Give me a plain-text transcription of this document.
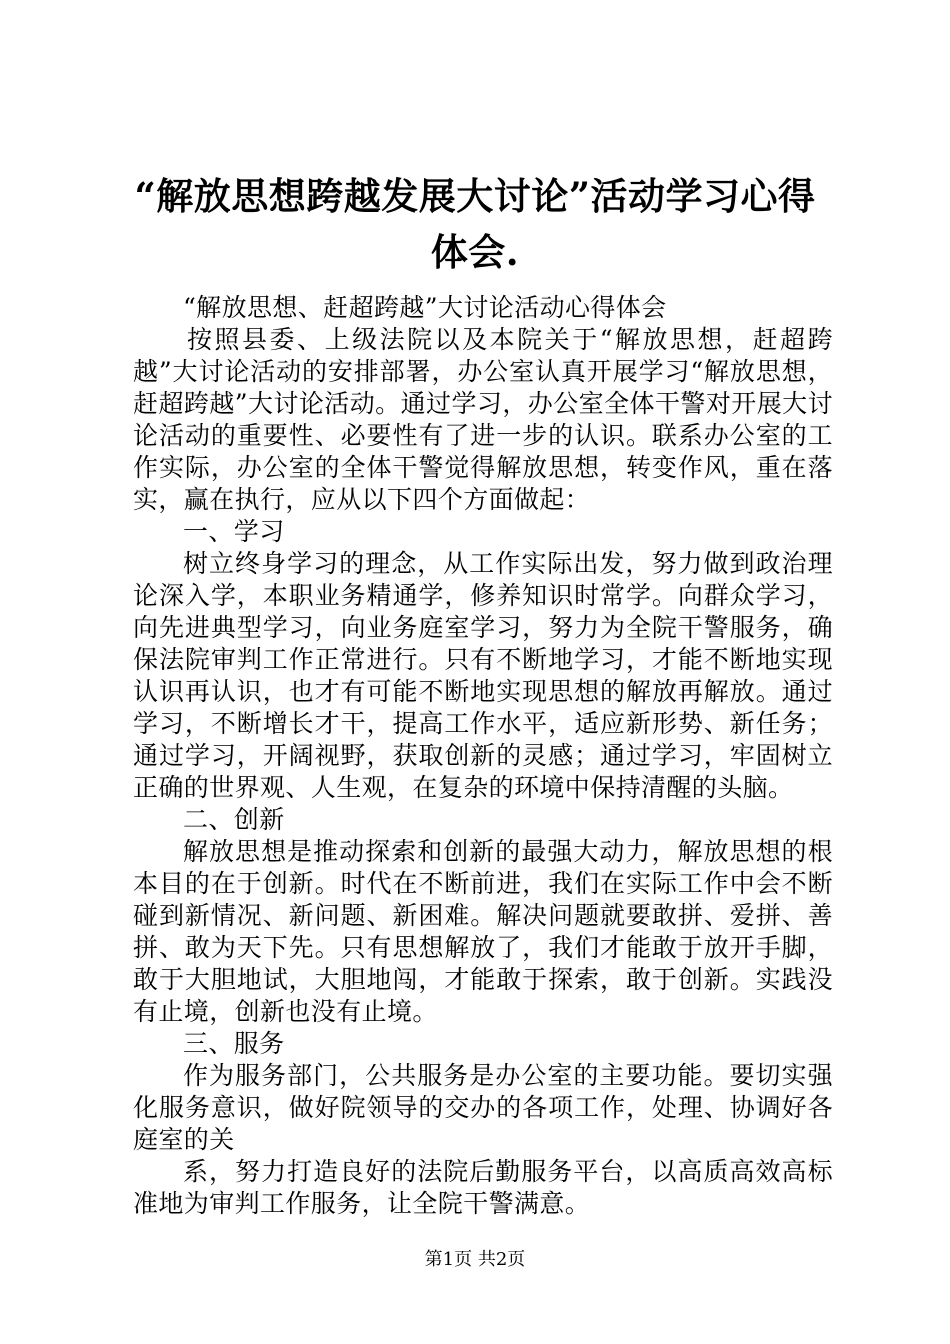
“解放思想跨越发展大讨论”活动学习心得体会.

“解放思想、赶超跨越”大讨论活动心得体会

按照县委、上级法院以及本院关于“解放思想，赶超跨越”大讨论活动的安排部署，办公室认真开展学习“解放思想，赶超跨越”大讨论活动。通过学习，办公室全体干警对开展大讨论活动的重要性、必要性有了进一步的认识。联系办公室的工作实际，办公室的全体干警觉得解放思想，转变作风，重在落实，赢在执行，应从以下四个方面做起：

一、学习

树立终身学习的理念，从工作实际出发，努力做到政治理论深入学，本职业务精通学，修养知识时常学。向群众学习，向先进典型学习，向业务庭室学习，努力为全院干警服务，确保法院审判工作正常进行。只有不断地学习，才能不断地实现认识再认识，也才有可能不断地实现思想的解放再解放。通过学习，不断增长才干，提高工作水平，适应新形势、新任务；通过学习，开阔视野，获取创新的灵感；通过学习，牢固树立正确的世界观、人生观，在复杂的环境中保持清醒的头脑。

二、创新

解放思想是推动探索和创新的最强大动力，解放思想的根本目的在于创新。时代在不断前进，我们在实际工作中会不断碰到新情况、新问题、新困难。解决问题就要敢拼、爱拼、善拼、敢为天下先。只有思想解放了，我们才能敢于放开手脚，敢于大胆地试，大胆地闯，才能敢于探索，敢于创新。实践没有止境，创新也没有止境。

三、服务

作为服务部门，公共服务是办公室的主要功能。要切实强化服务意识，做好院领导的交办的各项工作，处理、协调好各庭室的关

系，努力打造良好的法院后勤服务平台，以高质高效高标准地为审判工作服务，让全院干警满意。

第1页 共2页
